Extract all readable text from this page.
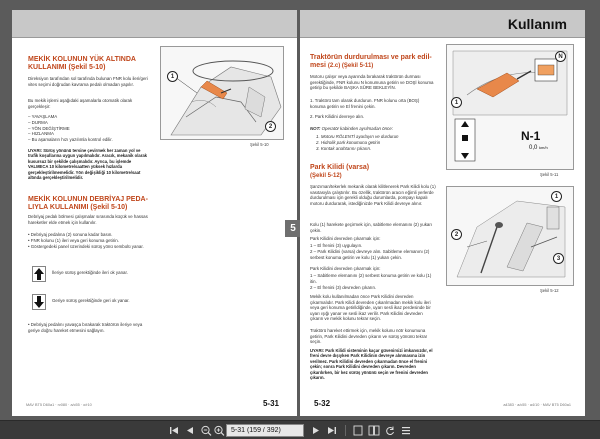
MEKİK KOLUNUN YÜK ALTINDA
KULLANIMI (Şekil 5-10)
Direksiyon tarafından sol tarafında bulunan FNR kolu ileri/geri vites seçimi doğrudan kavrama pedalı olmadan yapılır.
Bu mekik işlemi aşağıdaki aşamalarla otomatik olarak gerçekleşir:
– YAVAŞLAMA
– DURMA
– YÖN DEĞİŞTİRME
– HIZLANMA
– Bu aşamaların hızı yazılımla kontrol edilir.
UYARI: Sürüş yönünü tersine çevirmek her zaman yol ve trafik koşullarına uygun yapılmalıdır. Aracık, mekanik olarak kusursuz bir şekilde çalışmalıdır. Ayrıca, bu işlemde VALMECA 10 kilometre/saatten yüksek hızlarda gerçekleştirilmemelidir. Yön değişikliği 10 kilometre/saat altında gerçekleştirilmelidir.
1
2
Şekil 5-10
MEKİK KOLUNUN DEBRİYAJ PEDA-
LIYLA KULLANIMI (Şekil 5-10)
Debriyaj pedalı bölmesi çalışmalar sırasında küçük ve hassas hareketler elde etmek için kullanılır.
• Debriyaj pedalına (2) sonuna kadar basın.
• FNR kolunu (1) ileri veya geri konuma getirin.
• Göstergedeki panel üzerindeki sürüş yönü sembolü yanar.
İleriye sürüş gerektiğinde ileri ok yanar.
Geriye sürüş gerektiğinde geri ok yanar.
• Debriyaj pedalını yavaşça bırakarak traktörün ileriye veya geriye doğru hareket etmesini sağlayın.
MAV BT5 D60a1 · rv080 · a/c55 · o/r10	5-31
5
Kullanım
Traktörün durdurulması ve park edil-
mesi (2.c) (Şekil 5-11)
Motoru çalışır veya ayarında bırakarak traktörün durması gerektiğinde, FNR kolunu N konumuna getirin ve DOŞİ konuma getirip bu şekilde BAŞKA SÜRE BEKLEYİN.
1. Traktörü tam olarak durdurun. FNR kolunu orta (BOŞ) konuma getirin ve El frenini çekin.
2. Park Kilidini devreye alın.
NOT: Operatör kabinden ayrılmadan önce:
1. Motoru RÖLENTİ ayarlayın ve durdurun
2. Hidrolik park konumuna getirin
3. Kontak anahtarını çıkarın.
1
N
N-1
0,0 km/h
Şekil 5-11
Park Kilidi (varsa)
(Şekil 5-12)
Şanzıman/tekerlek mekanik olarak kilitlenerek Park Kilidi kolu (1) vasıtasıyla çalıştırılır. Bu özellik, traktörün aracın eğimli yerlerde durdurulması için gerekli olduğu durumlarda, pompayı kapalı motoru durdurarak, istediğinizde Park Kilidi devreye alınır.
Kolu (1) harekete geçirmek için, sabitleme elemanını (2) yukarı çekin.
Park Kilidini devreden çıkarmak için:
1 – El frenini (3) uygulayın.
2 – Park Kilidini (varsa) devreye alın. Sabitleme elemanını (2) serbest konuma getirin ve kolu (1) yukarı çekin.
Park Kilidini devreden çıkarmak için:
1 – Sabitleme elemanını (2) serbest konuma getirin ve kolu (1) itin.
2 – El frenini (3) devreden çıkarın.
Mekik kolu kullanılmadan önce Park Kilidini devreden çıkarmalıdır. Park Kilidi devreden çıkarılmadan mekik kolu ileri veya geri konuma getirildiğinde, uyarı sesli ikaz perdesinde bir uyarı ışığı yanar ve sesli ikaz verilir. Park Kilidini devreden çıkarın ve mekik kolunu tekrar seçin.
Traktörü hareket ettirmek için, mekik kolunu nötr konumuna getirin, Park Kilidini devreden çıkarın ve sürüş yönünü tekrar seçin.
UYARI: Park Kilidi sisteminin kaçar güvenirsizi imkansızdır, el freni devre dışıyken Park Kilidinin devreye alınmasına izin verilmez. Park Kilidini devreden çıkarmadan önce el frenini çekin; sonra Park Kilidini devreden çıkarın. Devreden çıkarılırken, bir kez sürüş yönünü seçin ve frenini devreden çıkarın.
1
2
3
Şekil 5-12
5-32	a4383 · a/c55 · a4/10 · MAV BT5 D60a1
5-31 (159 / 392)
